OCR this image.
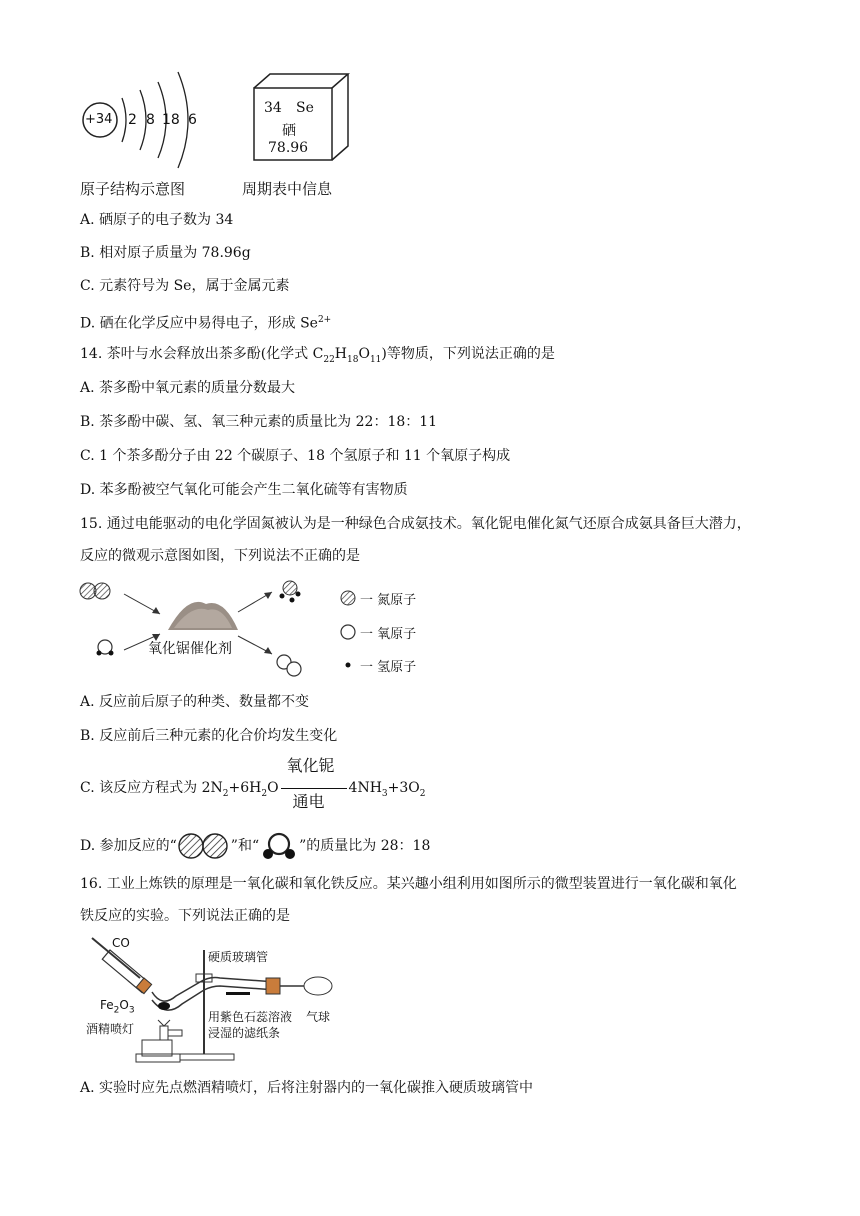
+34 2 8 18 6
34 Se
硒
78.96
原子结构示意图	周期表中信息
A. 硒原子的电子数为 34
B. 相对原子质量为 78.96g
C. 元素符号为 Se，属于金属元素
D. 硒在化学反应中易得电子，形成 $Se^{2+}$
14. 茶叶与水会释放出茶多酚(化学式 $C_{22}H_{18}O_{11}$)等物质，下列说法正确的是
A. 茶多酚中氧元素的质量分数最大
B. 茶多酚中碳、氢、氧三种元素的质量比为 22：18：11
C. 1 个茶多酚分子由 22 个碳原子、18 个氢原子和 11 个氧原子构成
D. 苯多酚被空气氧化可能会产生二氧化硫等有害物质
15. 通过电能驱动的电化学固氮被认为是一种绿色合成氨技术。氧化铌电催化氮气还原合成氨具备巨大潜力，
反应的微观示意图如图，下列说法不正确的是
氧化锯催化剂
一 氮原子
一 氧原子
一 氢原子
A. 反应前后原子的种类、数量都不变
B. 反应前后三种元素的化合价均发生变化
C. 该反应方程式为 $2N_2+6H_2O$
氧化铌
通电
$4NH_3+3O_2$
D. 参加反应的“	”和“	”的质量比为 28：18
16. 工业上炼铁的原理是一氧化碳和氧化铁反应。某兴趣小组利用如图所示的微型装置进行一氧化碳和氧化
铁反应的实验。下列说法正确的是
CO
硬质玻璃管
$Fe_2O_3$
酒精喷灯
用紫色石蕊溶液
浸湿的滤纸条
气球
A. 实验时应先点燃酒精喷灯，后将注射器内的一氧化碳推入硬质玻璃管中
